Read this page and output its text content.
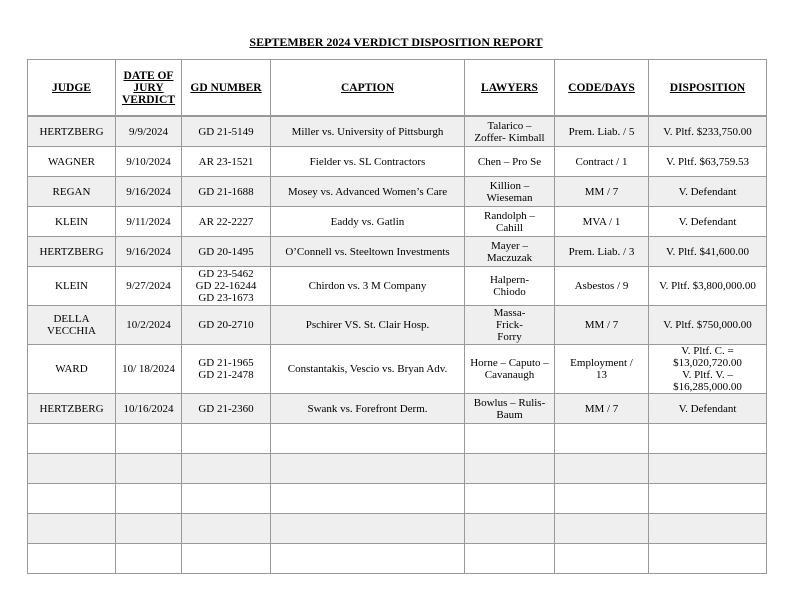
SEPTEMBER 2024 VERDICT DISPOSITION REPORT
JUDGE	DATE OF
JURY
VERDICT	GD NUMBER	CAPTION	LAWYERS	CODE/DAYS	DISPOSITION
HERTZBERG	9/9/2024	GD 21-5149	Miller vs. University of Pittsburgh	Talarico –
Zoffer- Kimball	Prem. Liab. / 5	V. Pltf. $233,750.00
WAGNER	9/10/2024	AR 23-1521	Fielder vs. SL Contractors	Chen – Pro Se	Contract / 1	V. Pltf. $63,759.53
REGAN	9/16/2024	GD 21-1688	Mosey vs. Advanced Women’s Care	Killion –
Wieseman	MM / 7	V. Defendant
KLEIN	9/11/2024	AR 22-2227	Eaddy vs. Gatlin	Randolph –
Cahill	MVA / 1	V. Defendant
HERTZBERG	9/16/2024	GD 20-1495	O’Connell vs. Steeltown Investments	Mayer –
Maczuzak	Prem. Liab. / 3	V. Pltf. $41,600.00
KLEIN	9/27/2024	GD 23-5462
GD 22-16244
GD 23-1673	Chirdon vs. 3 M Company	Halpern-
Chiodo	Asbestos / 9	V. Pltf. $3,800,000.00
DELLA
VECCHIA	10/2/2024	GD 20-2710	Pschirer VS. St. Clair Hosp.	Massa-
Frick-
Forry	MM / 7	V. Pltf. $750,000.00
WARD	10/ 18/2024	GD 21-1965
GD 21-2478	Constantakis, Vescio vs. Bryan Adv.	Horne – Caputo –
Cavanaugh	Employment /
13	V. Pltf. C. =
$13,020,720.00
V. Pltf. V. –
$16,285,000.00
HERTZBERG	10/16/2024	GD 21-2360	Swank vs. Forefront Derm.	Bowlus – Rulis-
Baum	MM / 7	V. Defendant
